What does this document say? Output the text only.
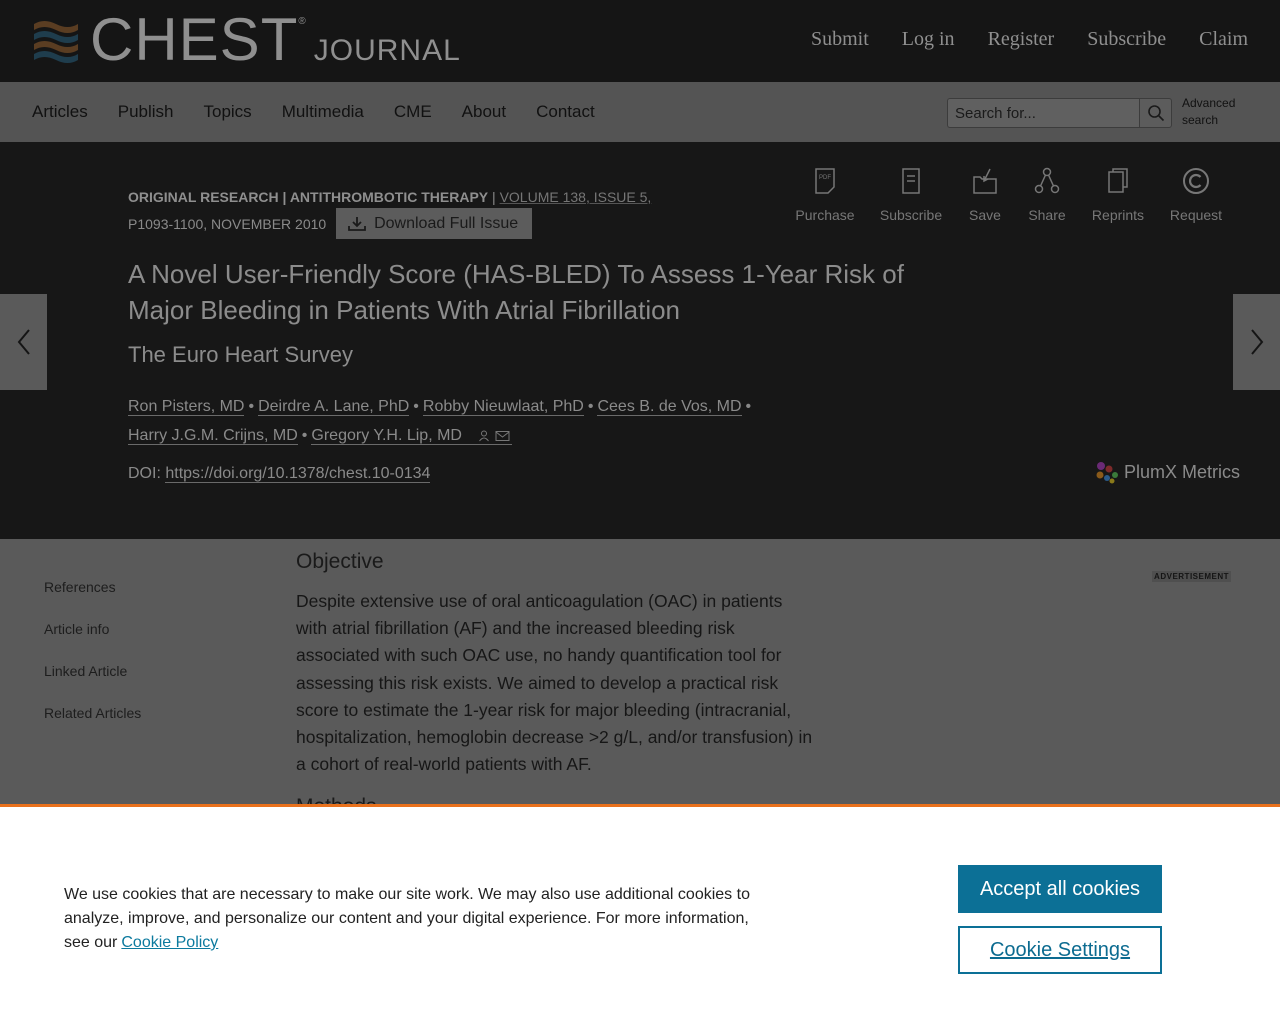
CHEST ®
JOURNAL	Submit Log in Register Subscribe Claim
Articles Publish Topics Multimedia CME About Contact
Search for...	Advanced search
ORIGINAL RESEARCH | ANTITHROMBOTIC THERAPY | VOLUME 138, ISSUE 5,
P1093-1100, NOVEMBER 2010	Download Full Issue
A Novel User-Friendly Score (HAS-BLED) To Assess 1-Year Risk of Major Bleeding in Patients With Atrial Fibrillation
The Euro Heart Survey
Ron Pisters, MD • Deirdre A. Lane, PhD • Robby Nieuwlaat, PhD • Cees B. de Vos, MD •
Harry J.G.M. Crijns, MD • Gregory Y.H. Lip, MD
DOI: https://doi.org/10.1378/chest.10-0134
PDF
Purchase Subscribe Save Share Reprints Request
PlumX Metrics
References
Article info
Linked Article
Related Articles
Objective

Despite extensive use of oral anticoagulation (OAC) in patients with atrial fibrillation (AF) and the increased bleeding risk associated with such OAC use, no handy quantification tool for assessing this risk exists. We aimed to develop a practical risk score to estimate the 1-year risk for major bleeding (intracranial, hospitalization, hemoglobin decrease >2 g/L, and/or transfusion) in a cohort of real-world patients with AF.

ADVERTISEMENT

We use cookies that are necessary to make our site work. We may also use additional cookies to analyze, improve, and personalize our content and your digital experience. For more information, see our Cookie Policy

Accept all cookies
Cookie Settings
